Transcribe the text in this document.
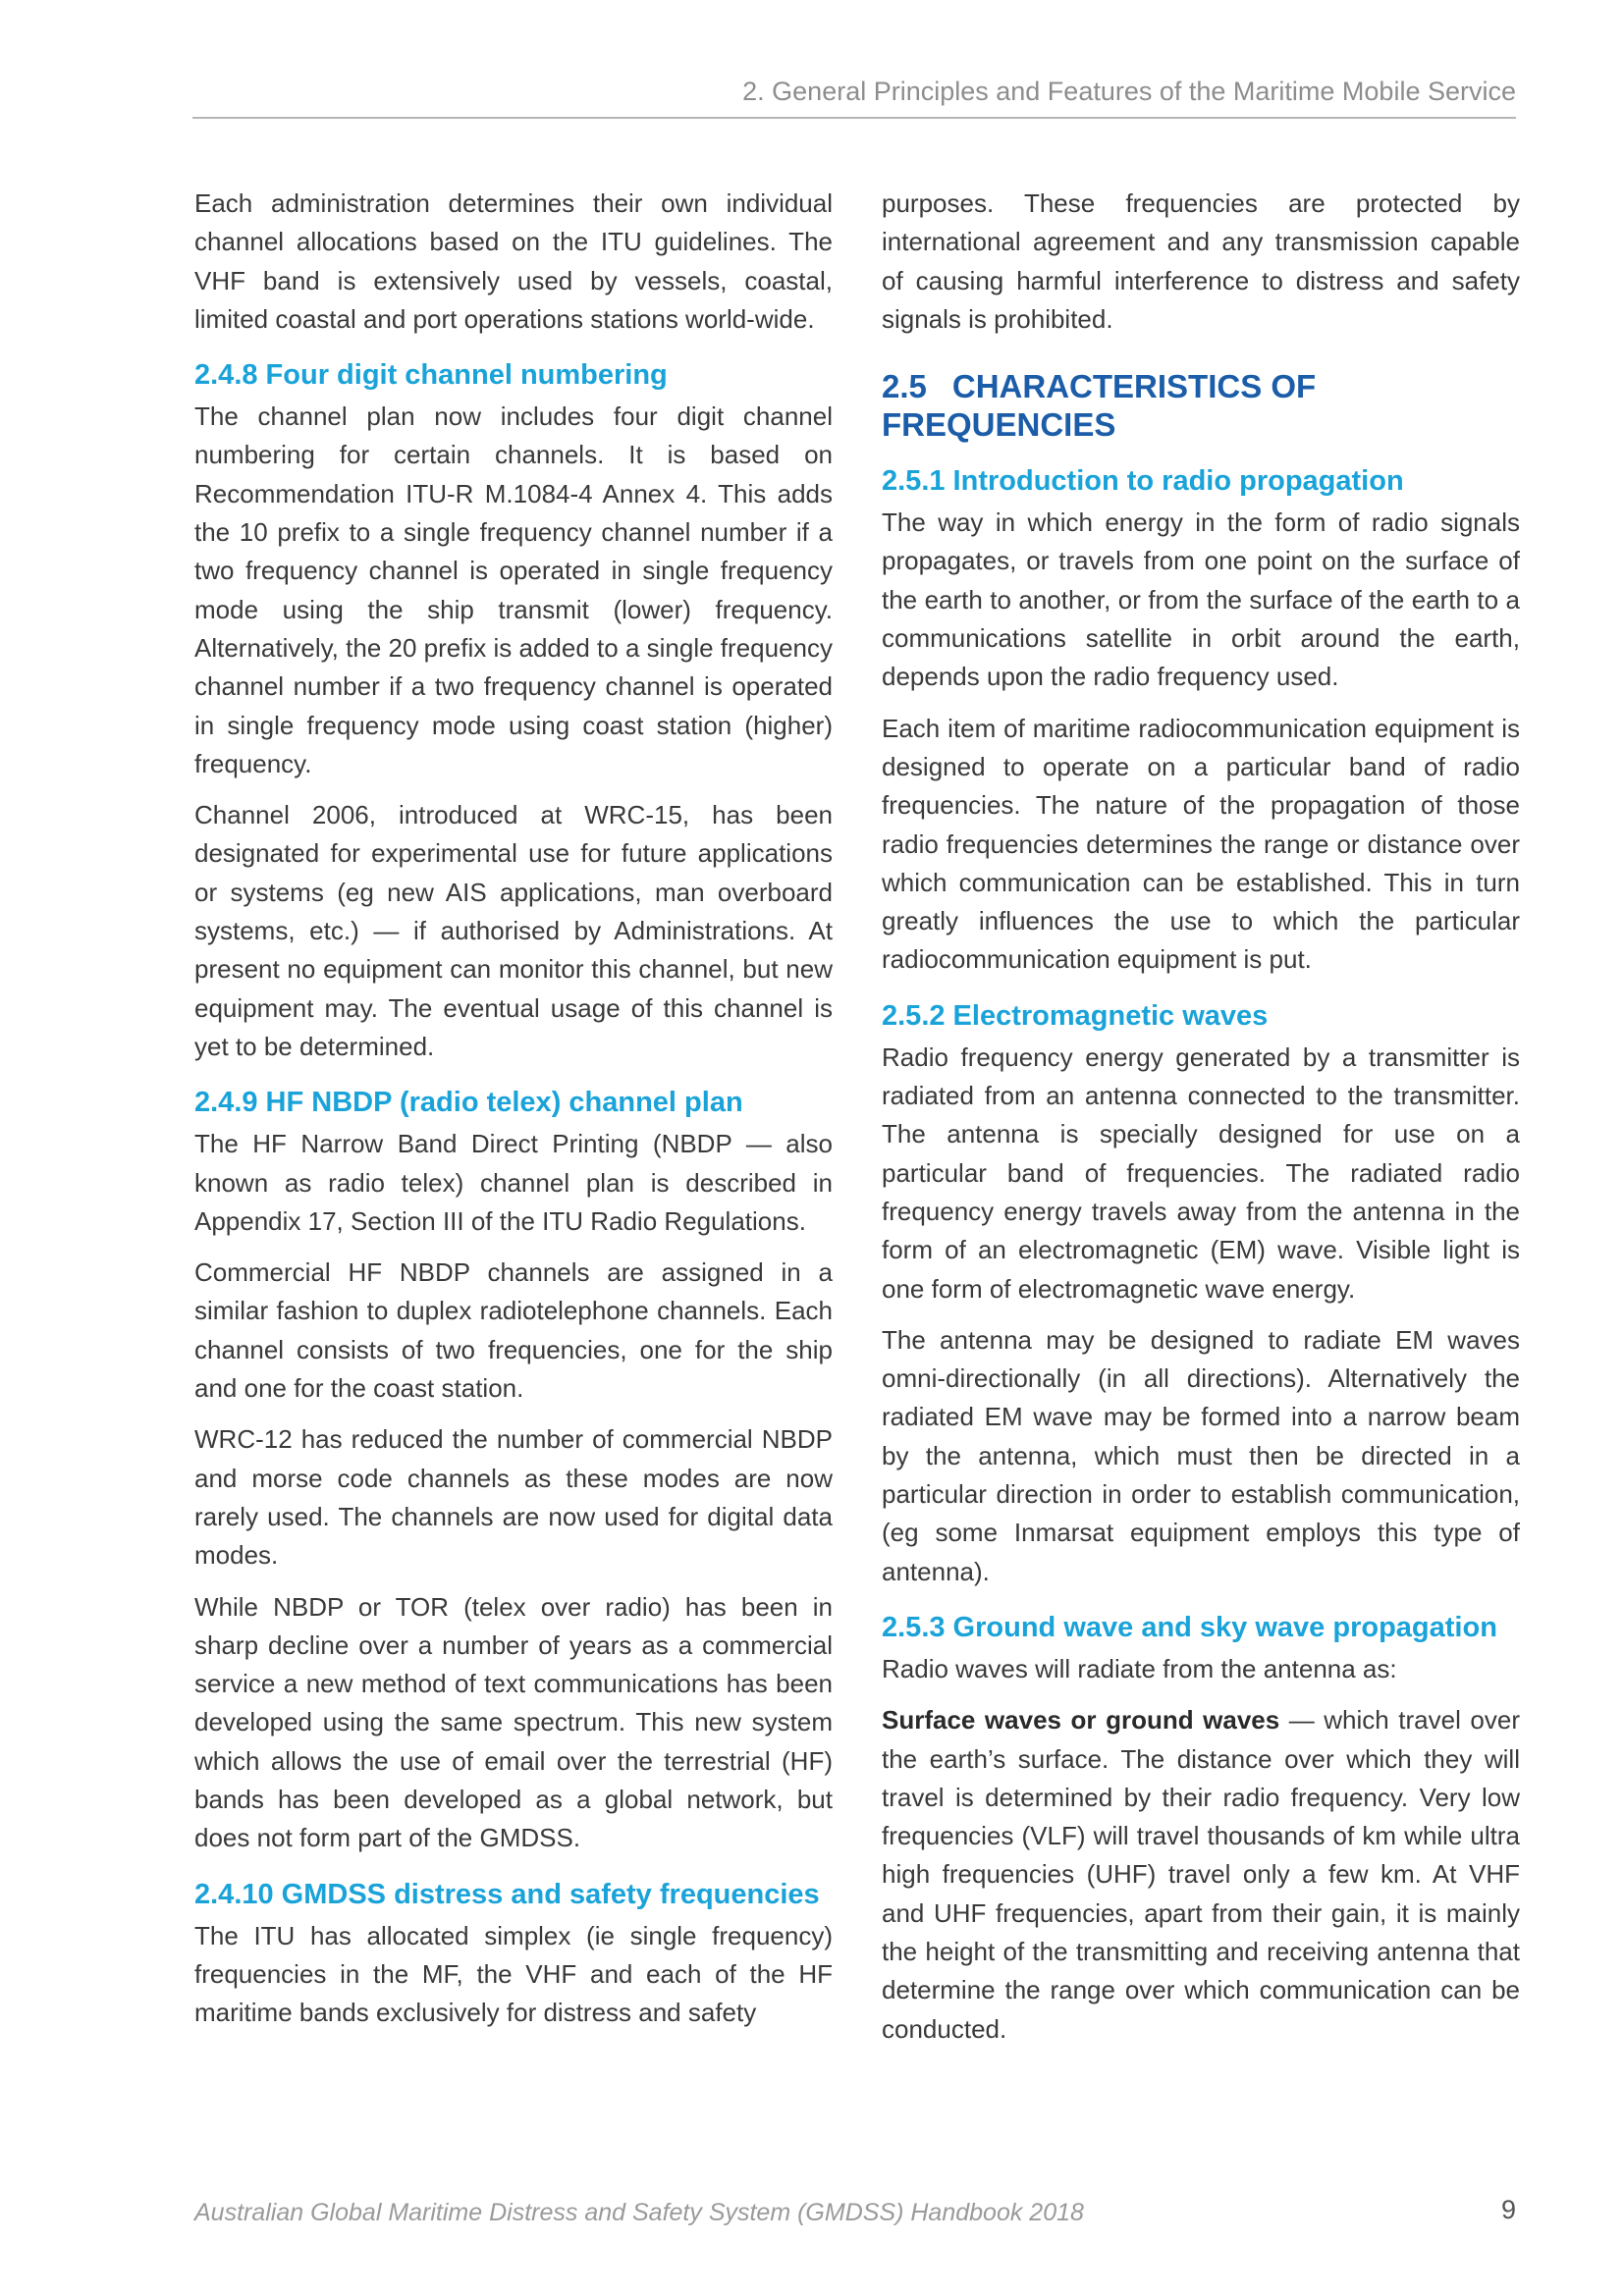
2. General Principles and Features of the Maritime Mobile Service

Each administration determines their own individual channel allocations based on the ITU guidelines. The VHF band is extensively used by vessels, coastal, limited coastal and port operations stations world-wide.

2.4.8 Four digit channel numbering

The channel plan now includes four digit channel numbering for certain channels. It is based on Recommendation ITU-R M.1084-4 Annex 4. This adds the 10 prefix to a single frequency channel number if a two frequency channel is operated in single frequency mode using the ship transmit (lower) frequency. Alternatively, the 20 prefix is added to a single frequency channel number if a two frequency channel is operated in single frequency mode using coast station (higher) frequency.

Channel 2006, introduced at WRC-15, has been designated for experimental use for future applications or systems (eg new AIS applications, man overboard systems, etc.) — if authorised by Administrations. At present no equipment can monitor this channel, but new equipment may. The eventual usage of this channel is yet to be determined.

2.4.9 HF NBDP (radio telex) channel plan

The HF Narrow Band Direct Printing (NBDP — also known as radio telex) channel plan is described in Appendix 17, Section III of the ITU Radio Regulations.

Commercial HF NBDP channels are assigned in a similar fashion to duplex radiotelephone channels. Each channel consists of two frequencies, one for the ship and one for the coast station.

WRC-12 has reduced the number of commercial NBDP and morse code channels as these modes are now rarely used. The channels are now used for digital data modes.

While NBDP or TOR (telex over radio) has been in sharp decline over a number of years as a commercial service a new method of text communications has been developed using the same spectrum. This new system which allows the use of email over the terrestrial (HF) bands has been developed as a global network, but does not form part of the GMDSS.

2.4.10 GMDSS distress and safety frequencies

The ITU has allocated simplex (ie single frequency) frequencies in the MF, the VHF and each of the HF maritime bands exclusively for distress and safety

purposes. These frequencies are protected by international agreement and any transmission capable of causing harmful interference to distress and safety signals is prohibited.

2.5 CHARACTERISTICS OF FREQUENCIES
2.5.1 Introduction to radio propagation

The way in which energy in the form of radio signals propagates, or travels from one point on the surface of the earth to another, or from the surface of the earth to a communications satellite in orbit around the earth, depends upon the radio frequency used.

Each item of maritime radiocommunication equipment is designed to operate on a particular band of radio frequencies. The nature of the propagation of those radio frequencies determines the range or distance over which communication can be established. This in turn greatly influences the use to which the particular radiocommunication equipment is put.

2.5.2 Electromagnetic waves

Radio frequency energy generated by a transmitter is radiated from an antenna connected to the transmitter. The antenna is specially designed for use on a particular band of frequencies. The radiated radio frequency energy travels away from the antenna in the form of an electromagnetic (EM) wave. Visible light is one form of electromagnetic wave energy.

The antenna may be designed to radiate EM waves omni-directionally (in all directions). Alternatively the radiated EM wave may be formed into a narrow beam by the antenna, which must then be directed in a particular direction in order to establish communication, (eg some Inmarsat equipment employs this type of antenna).

2.5.3 Ground wave and sky wave propagation

Radio waves will radiate from the antenna as:

Surface waves or ground waves — which travel over the earth’s surface. The distance over which they will travel is determined by their radio frequency. Very low frequencies (VLF) will travel thousands of km while ultra high frequencies (UHF) travel only a few km. At VHF and UHF frequencies, apart from their gain, it is mainly the height of the transmitting and receiving antenna that determine the range over which communication can be conducted.

Australian Global Maritime Distress and Safety System (GMDSS) Handbook 2018	9
